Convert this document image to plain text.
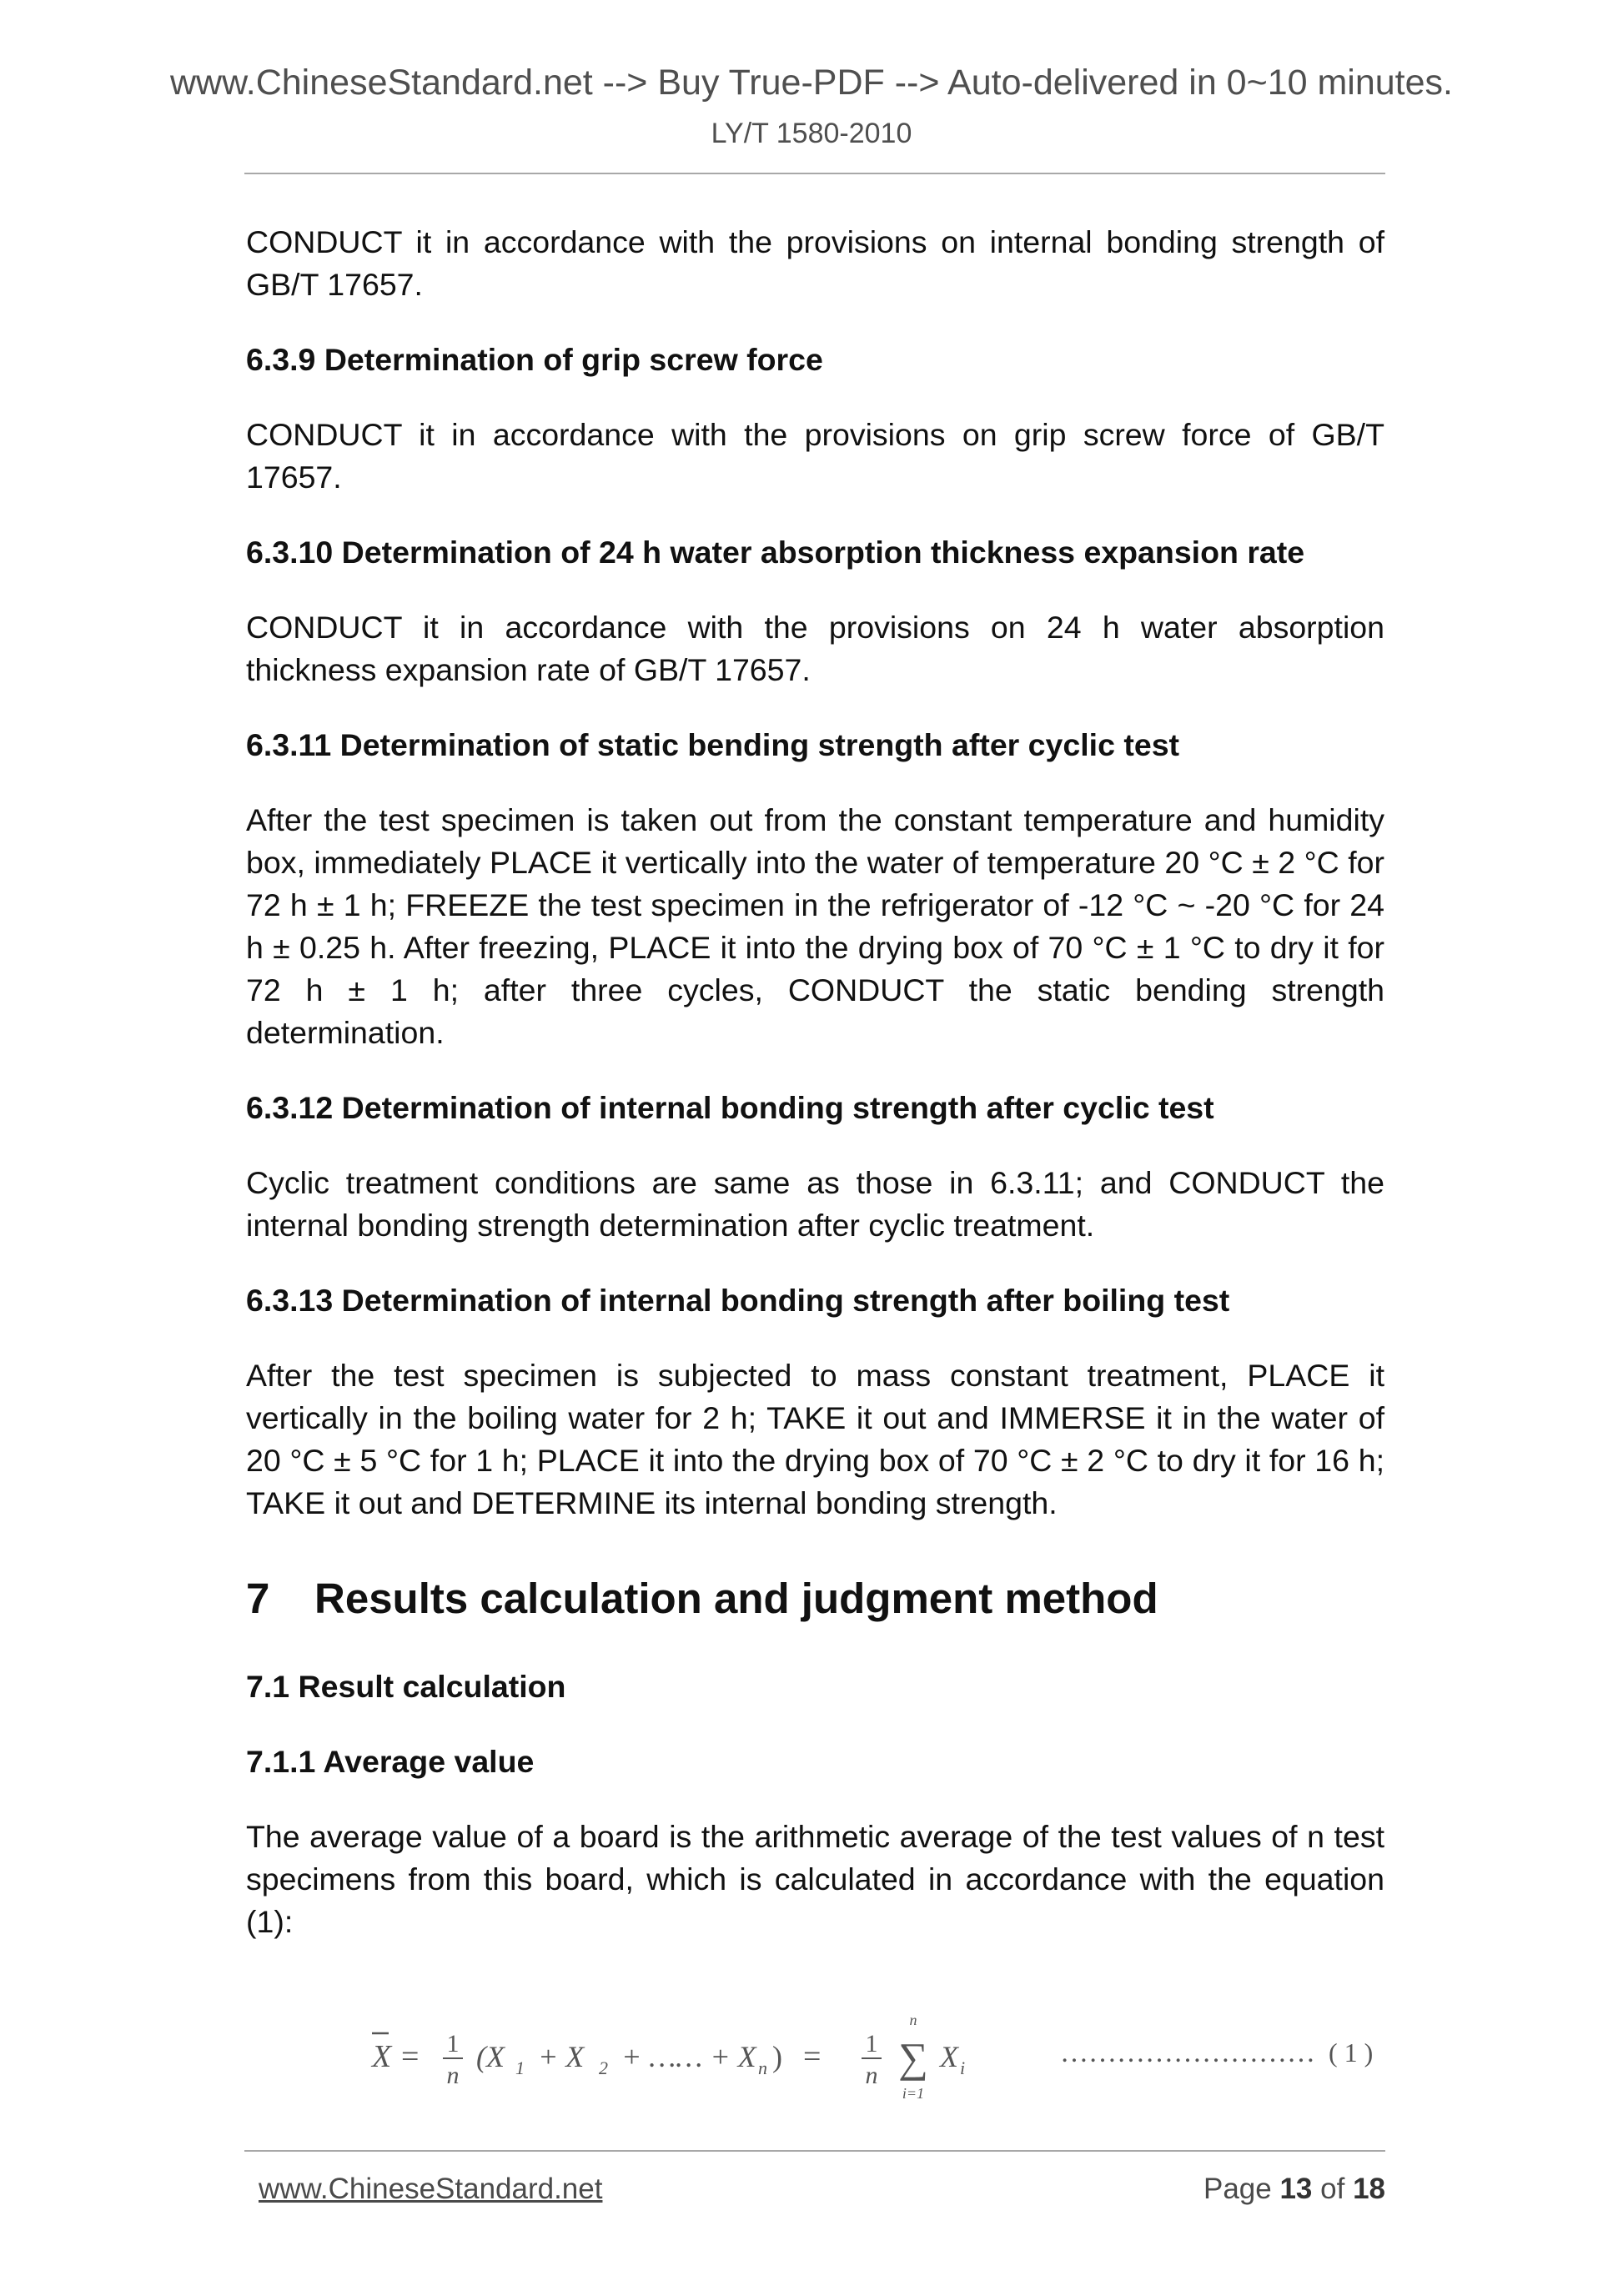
www.ChineseStandard.net --> Buy True-PDF --> Auto-delivered in 0~10 minutes.
LY/T 1580-2010

CONDUCT it in accordance with the provisions on internal bonding strength of GB/T 17657.

6.3.9 Determination of grip screw force

CONDUCT it in accordance with the provisions on grip screw force of GB/T 17657.

6.3.10 Determination of 24 h water absorption thickness expansion rate

CONDUCT it in accordance with the provisions on 24 h water absorption thickness expansion rate of GB/T 17657.

6.3.11 Determination of static bending strength after cyclic test

After the test specimen is taken out from the constant temperature and humidity box, immediately PLACE it vertically into the water of temperature 20 °C ± 2 °C for 72 h ± 1 h; FREEZE the test specimen in the refrigerator of -12 °C ~ -20 °C for 24 h ± 0.25 h. After freezing, PLACE it into the drying box of 70 °C ± 1 °C to dry it for 72 h ± 1 h; after three cycles, CONDUCT the static bending strength determination.

6.3.12 Determination of internal bonding strength after cyclic test

Cyclic treatment conditions are same as those in 6.3.11; and CONDUCT the internal bonding strength determination after cyclic treatment.

6.3.13 Determination of internal bonding strength after boiling test

After the test specimen is subjected to mass constant treatment, PLACE it vertically in the boiling water for 2 h; TAKE it out and IMMERSE it in the water of 20 °C ± 5 °C for 1 h; PLACE it into the drying box of 70 °C ± 2 °C to dry it for 16 h; TAKE it out and DETERMINE its internal bonding strength.

7 Results calculation and judgment method
7.1 Result calculation
7.1.1 Average value

The average value of a board is the arithmetic average of the test values of n test specimens from this board, which is calculated in accordance with the equation (1):

X = 1
n
(X 1 + X 2 + …… + X n ) = 1
n
n
∑
i=1
X i	……………………… ( 1 )
www.ChineseStandard.net	Page 13 of 18
